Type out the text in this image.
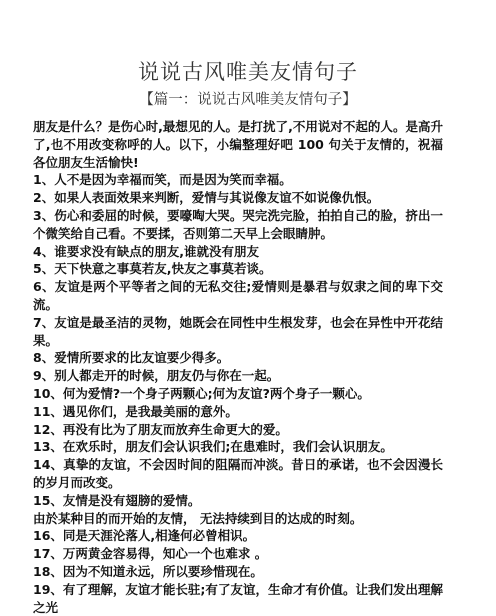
说说古风唯美友情句子
【篇一：说说古风唯美友情句子】

朋友是什么？是伤心时,最想见的人。是打扰了,不用说对不起的人。是高升了,也不用改变称呼的人。以下，小编整理好吧 100 句关于友情的，祝福各位朋友生活愉快!

1、人不是因为幸福而笑，而是因为笑而幸福。

2、如果人表面效果来判断，爱情与其说像友谊不如说像仇恨。

3、伤心和委屈的时候，要嚎啕大哭。哭完洗完脸，拍拍自己的脸，挤出一个微笑给自己看。不要揉，否则第二天早上会眼睛肿。

4、谁要求没有缺点的朋友,谁就没有朋友

5、天下快意之事莫若友,快友之事莫若谈。

6、友谊是两个平等者之间的无私交往;爱情则是暴君与奴隶之间的卑下交流。

7、友谊是最圣洁的灵物，她既会在同性中生根发芽，也会在异性中开花结果。

8、爱情所要求的比友谊要少得多。

9、别人都走开的时候，朋友仍与你在一起。

10、何为爱情?一个身子两颗心;何为友谊?两个身子一颗心。

11、遇见你们，是我最美丽的意外。

12、再没有比为了朋友而放弃生命更大的爱。

13、在欢乐时，朋友们会认识我们;在患难时，我们会认识朋友。

14、真挚的友谊，不会因时间的阻隔而冲淡。昔日的承诺，也不会因漫长的岁月而改变。

15、友情是没有翅膀的爱情。

由於某种目的而开始的友情， 无法持续到目的达成的时刻。

16、同是天涯沦落人,相逢何必曾相识。

17、万两黄金容易得，知心一个也难求 。

18、因为不知道永远，所以要珍惜现在。

19、有了理解，友谊才能长驻;有了友谊，生命才有价值。让我们发出理解之光
